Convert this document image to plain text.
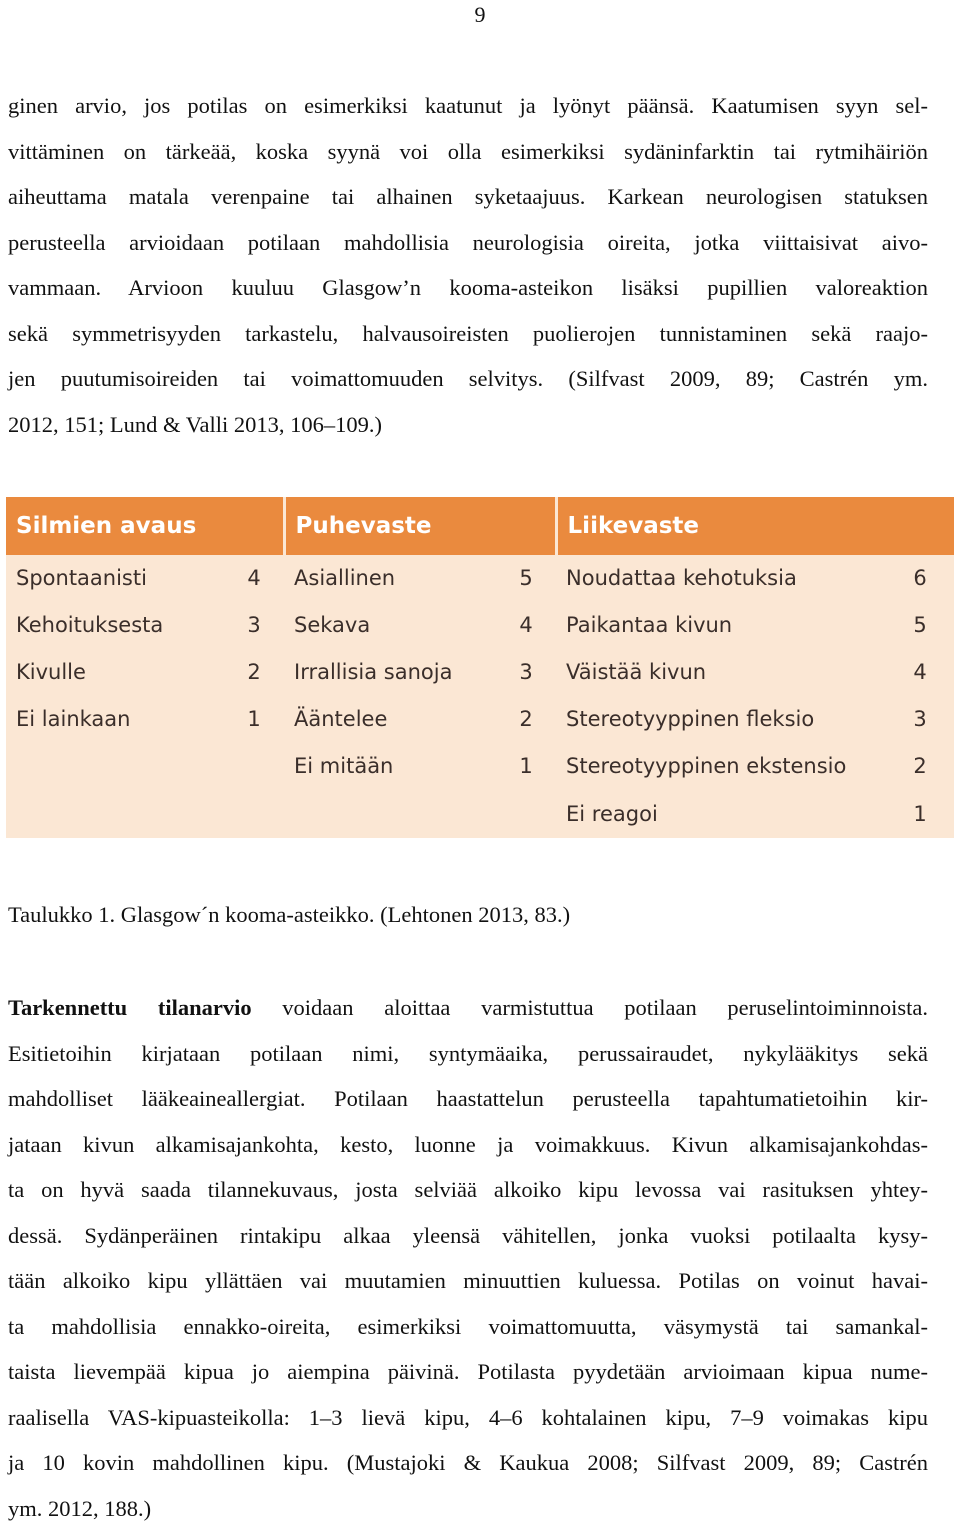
9
ginen arvio, jos potilas on esimerkiksi kaatunut ja lyönyt päänsä. Kaatumisen syyn sel-
vittäminen on tärkeää, koska syynä voi olla esimerkiksi sydäninfarktin tai rytmihäiriön
aiheuttama matala verenpaine tai alhainen syketaajuus. Karkean neurologisen statuksen
perusteella arvioidaan potilaan mahdollisia neurologisia oireita, jotka viittaisivat aivo-
vammaan. Arvioon kuuluu Glasgow’n kooma-asteikon lisäksi pupillien valoreaktion
sekä symmetrisyyden tarkastelu, halvausoireisten puolierojen tunnistaminen sekä raajo-
jen puutumisoireiden tai voimattomuuden selvitys. (Silfvast 2009, 89; Castrén ym.
2012, 151; Lund & Valli 2013, 106–109.)
Silmien avaus		Puhevaste		Liikevaste	
Spontaanisti	4	Asiallinen	5	Noudattaa kehotuksia	6
Kehoituksesta	3	Sekava	4	Paikantaa kivun	5
Kivulle	2	Irrallisia sanoja	3	Väistää kivun	4
Ei lainkaan	1	Ääntelee	2	Stereotyyppinen fleksio	3
		Ei mitään	1	Stereotyyppinen ekstensio	2
				Ei reagoi	1
Taulukko 1. Glasgow´n kooma-asteikko. (Lehtonen 2013, 83.)
Tarkennettu tilanarvio voidaan aloittaa varmistuttua potilaan peruselintoiminnoista.
Esitietoihin kirjataan potilaan nimi, syntymäaika, perussairaudet, nykylääkitys sekä
mahdolliset lääkeaineallergiat. Potilaan haastattelun perusteella tapahtumatietoihin kir-
jataan kivun alkamisajankohta, kesto, luonne ja voimakkuus. Kivun alkamisajankohdas-
ta on hyvä saada tilannekuvaus, josta selviää alkoiko kipu levossa vai rasituksen yhtey-
dessä. Sydänperäinen rintakipu alkaa yleensä vähitellen, jonka vuoksi potilaalta kysy-
tään alkoiko kipu yllättäen vai muutamien minuuttien kuluessa. Potilas on voinut havai-
ta mahdollisia ennakko-oireita, esimerkiksi voimattomuutta, väsymystä tai samankal-
taista lievempää kipua jo aiempina päivinä. Potilasta pyydetään arvioimaan kipua nume-
raalisella VAS-kipuasteikolla: 1–3 lievä kipu, 4–6 kohtalainen kipu, 7–9 voimakas kipu
ja 10 kovin mahdollinen kipu. (Mustajoki & Kaukua 2008; Silfvast 2009, 89; Castrén
ym. 2012, 188.)
